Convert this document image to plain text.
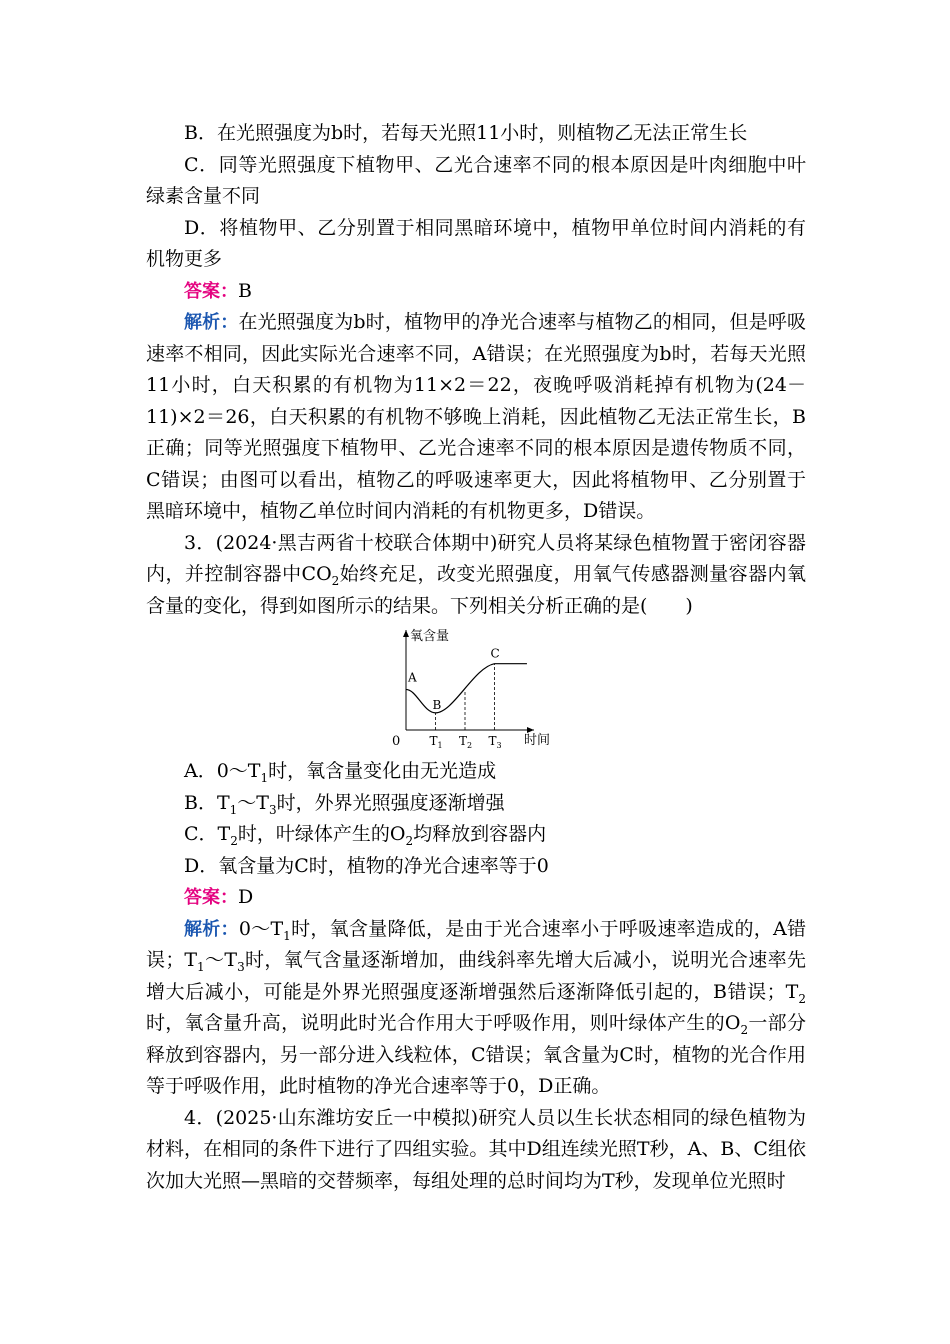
B．在光照强度为b时，若每天光照11小时，则植物乙无法正常生长

C．同等光照强度下植物甲、乙光合速率不同的根本原因是叶肉细胞中叶绿素含量不同

D．将植物甲、乙分别置于相同黑暗环境中，植物甲单位时间内消耗的有机物更多

答案：B

解析：在光照强度为b时，植物甲的净光合速率与植物乙的相同，但是呼吸速率不相同，因此实际光合速率不同，A错误；在光照强度为b时，若每天光照11小时，白天积累的有机物为11×2＝22，夜晚呼吸消耗掉有机物为(24－11)×2＝26，白天积累的有机物不够晚上消耗，因此植物乙无法正常生长，B正确；同等光照强度下植物甲、乙光合速率不同的根本原因是遗传物质不同，C错误；由图可以看出，植物乙的呼吸速率更大，因此将植物甲、乙分别置于黑暗环境中，植物乙单位时间内消耗的有机物更多，D错误。

3．(2024·黑吉两省十校联合体期中)研究人员将某绿色植物置于密闭容器内，并控制容器中$CO_2$始终充足，改变光照强度，用氧气传感器测量容器内氧含量的变化，得到如图所示的结果。下列相关分析正确的是(　　)

氧含量
时间
0 T 1 T 2 T 3
A
B
C

A．$0\sim T_1$时，氧含量变化由无光造成

B．$T_1\sim T_3$时，外界光照强度逐渐增强

C．$T_2$时，叶绿体产生的$O_2$均释放到容器内

D．氧含量为C时，植物的净光合速率等于0

答案：D

解析：$0\sim T_1$时，氧含量降低，是由于光合速率小于呼吸速率造成的，A错误；$T_1\sim T_3$时，氧气含量逐渐增加，曲线斜率先增大后减小，说明光合速率先增大后减小，可能是外界光照强度逐渐增强然后逐渐降低引起的，B错误；$T_2$时，氧含量升高，说明此时光合作用大于呼吸作用，则叶绿体产生的$O_2$一部分释放到容器内，另一部分进入线粒体，C错误；氧含量为C时，植物的光合作用等于呼吸作用，此时植物的净光合速率等于0，D正确。

4．(2025·山东潍坊安丘一中模拟)研究人员以生长状态相同的绿色植物为材料，在相同的条件下进行了四组实验。其中D组连续光照T秒，A、B、C组依次加大光照—黑暗的交替频率，每组处理的总时间均为T秒，发现单位光照时
